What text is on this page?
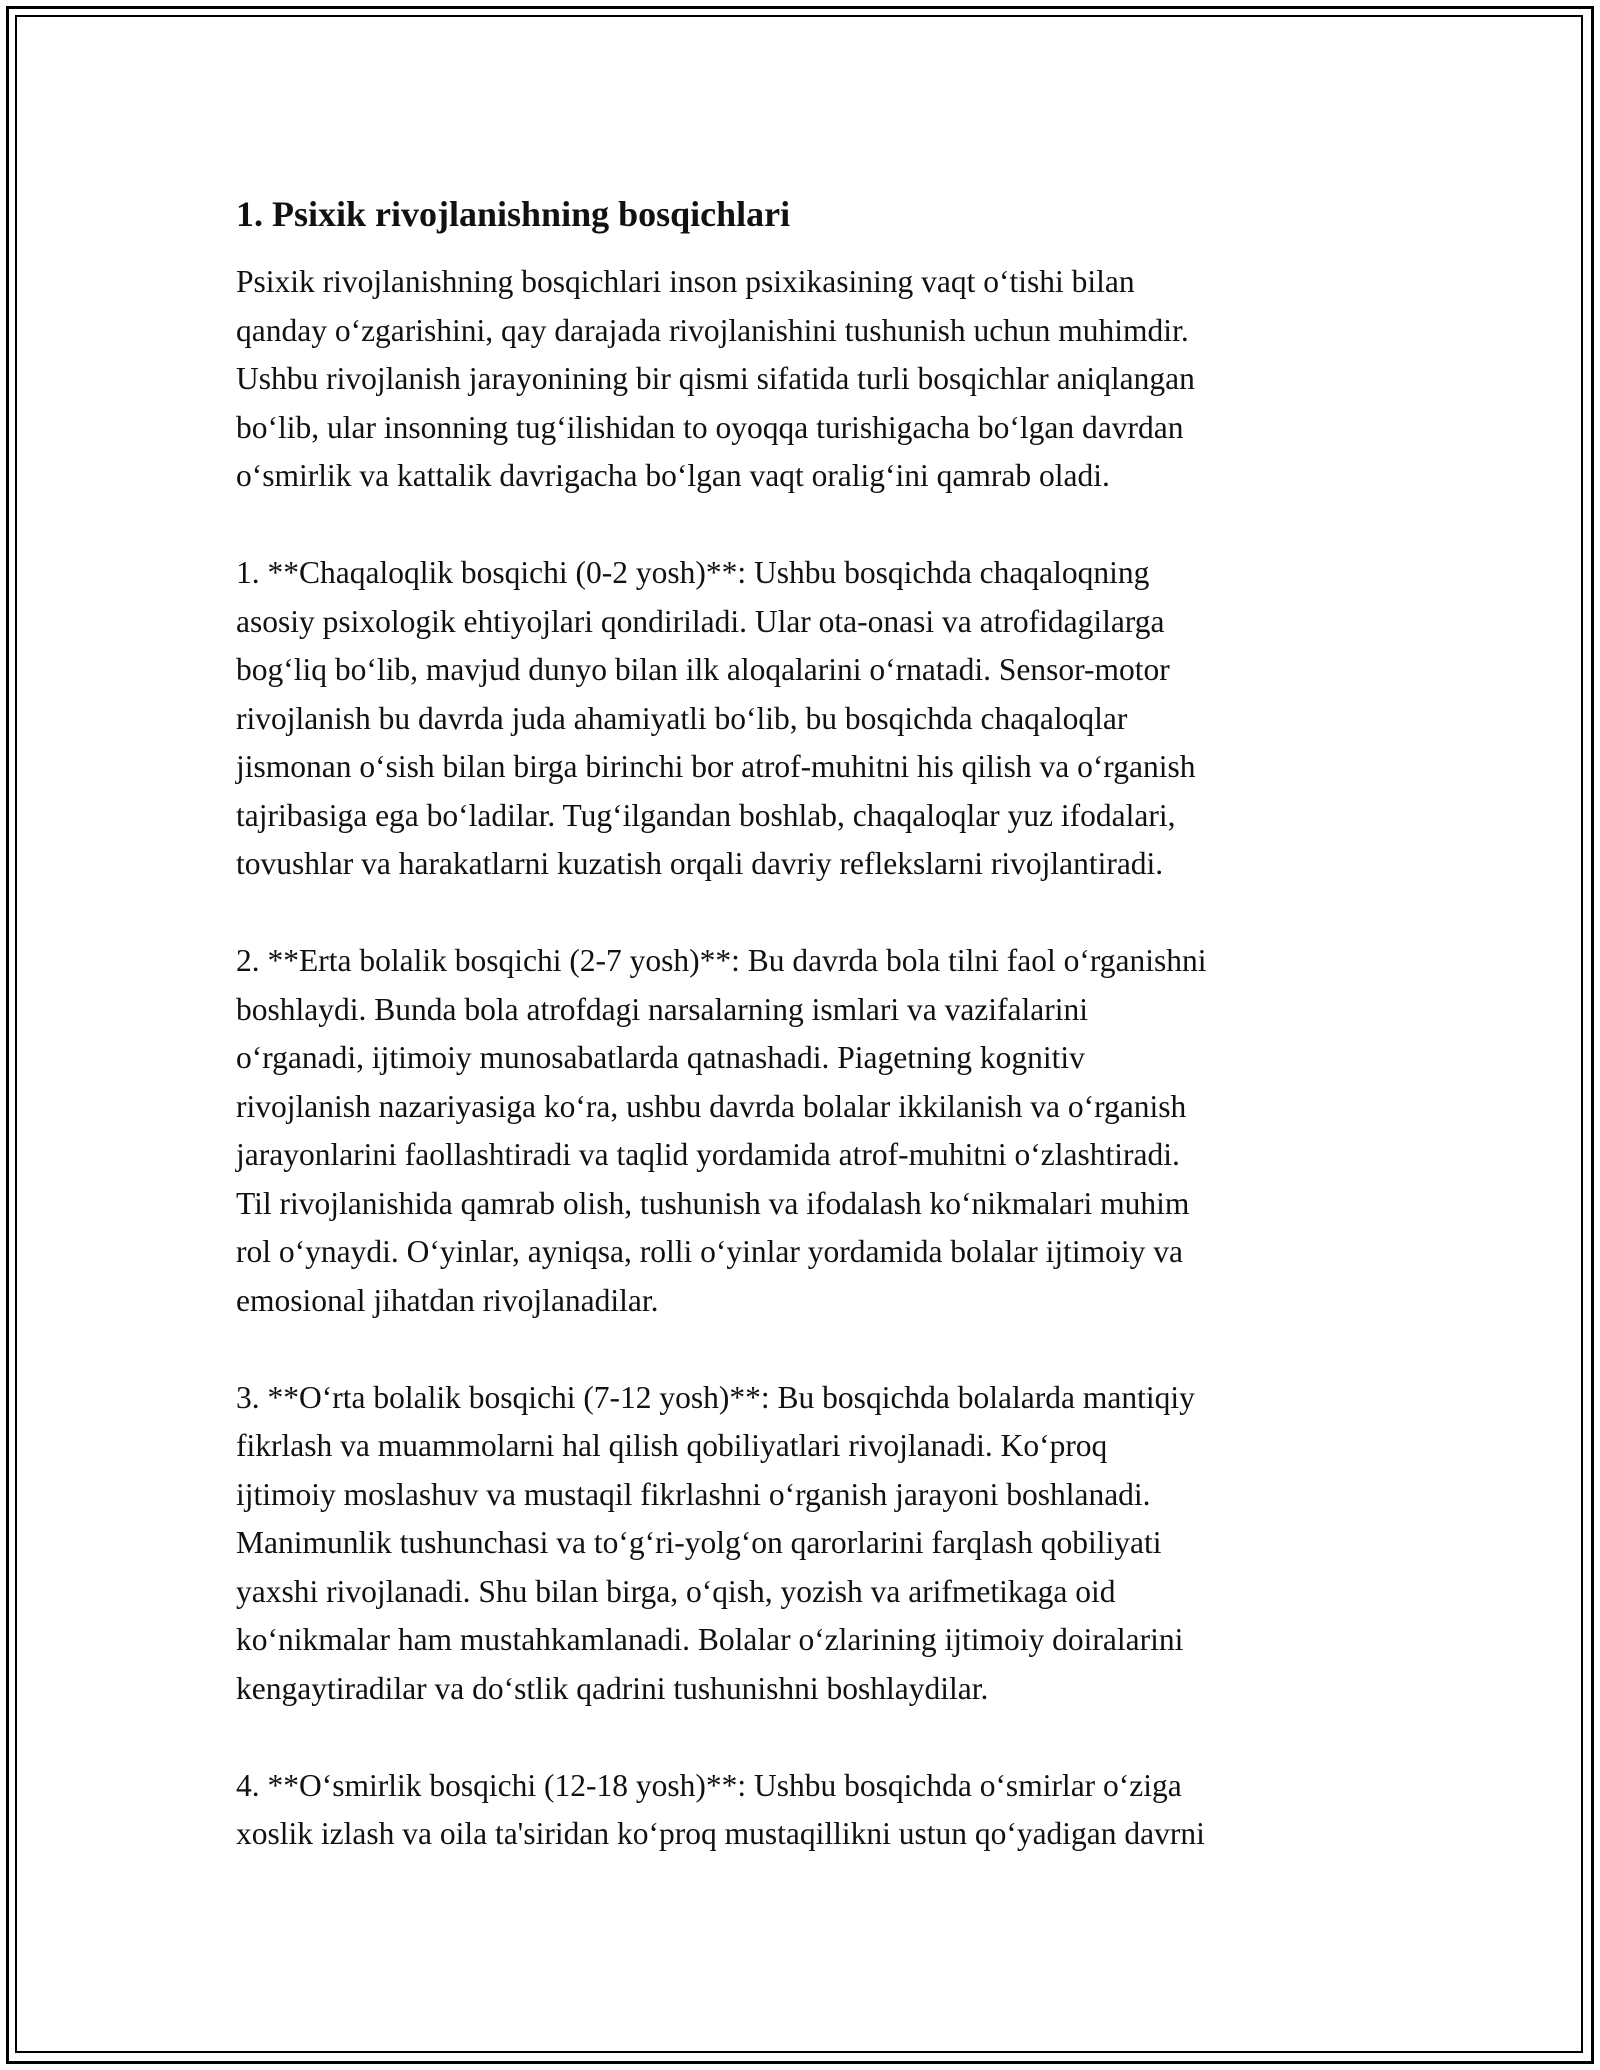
1. Psixik rivojlanishning bosqichlari

Psixik rivojlanishning bosqichlari inson psixikasining vaqt oʻtishi bilan
qanday oʻzgarishini, qay darajada rivojlanishini tushunish uchun muhimdir.
Ushbu rivojlanish jarayonining bir qismi sifatida turli bosqichlar aniqlangan
boʻlib, ular insonning tugʻilishidan to oyoqqa turishigacha boʻlgan davrdan
oʻsmirlik va kattalik davrigacha boʻlgan vaqt oraligʻini qamrab oladi.

1. **Chaqaloqlik bosqichi (0-2 yosh)**: Ushbu bosqichda chaqaloqning
asosiy psixologik ehtiyojlari qondiriladi. Ular ota-onasi va atrofidagilarga
bogʻliq boʻlib, mavjud dunyo bilan ilk aloqalarini oʻrnatadi. Sensor-motor
rivojlanish bu davrda juda ahamiyatli boʻlib, bu bosqichda chaqaloqlar
jismonan oʻsish bilan birga birinchi bor atrof-muhitni his qilish va oʻrganish
tajribasiga ega boʻladilar. Tugʻilgandan boshlab, chaqaloqlar yuz ifodalari,
tovushlar va harakatlarni kuzatish orqali davriy reflekslarni rivojlantiradi.

2. **Erta bolalik bosqichi (2-7 yosh)**: Bu davrda bola tilni faol oʻrganishni
boshlaydi. Bunda bola atrofdagi narsalarning ismlari va vazifalarini
oʻrganadi, ijtimoiy munosabatlarda qatnashadi. Piagetning kognitiv
rivojlanish nazariyasiga koʻra, ushbu davrda bolalar ikkilanish va oʻrganish
jarayonlarini faollashtiradi va taqlid yordamida atrof-muhitni oʻzlashtiradi.
Til rivojlanishida qamrab olish, tushunish va ifodalash koʻnikmalari muhim
rol oʻynaydi. Oʻyinlar, ayniqsa, rolli oʻyinlar yordamida bolalar ijtimoiy va
emosional jihatdan rivojlanadilar.

3. **Oʻrta bolalik bosqichi (7-12 yosh)**: Bu bosqichda bolalarda mantiqiy
fikrlash va muammolarni hal qilish qobiliyatlari rivojlanadi. Koʻproq
ijtimoiy moslashuv va mustaqil fikrlashni oʻrganish jarayoni boshlanadi.
Manimunlik tushunchasi va toʻgʻri-yolgʻon qarorlarini farqlash qobiliyati
yaxshi rivojlanadi. Shu bilan birga, oʻqish, yozish va arifmetikaga oid
koʻnikmalar ham mustahkamlanadi. Bolalar oʻzlarining ijtimoiy doiralarini
kengaytiradilar va doʻstlik qadrini tushunishni boshlaydilar.

4. **Oʻsmirlik bosqichi (12-18 yosh)**: Ushbu bosqichda oʻsmirlar oʻziga
xoslik izlash va oila ta'siridan koʻproq mustaqillikni ustun qoʻyadigan davrni
